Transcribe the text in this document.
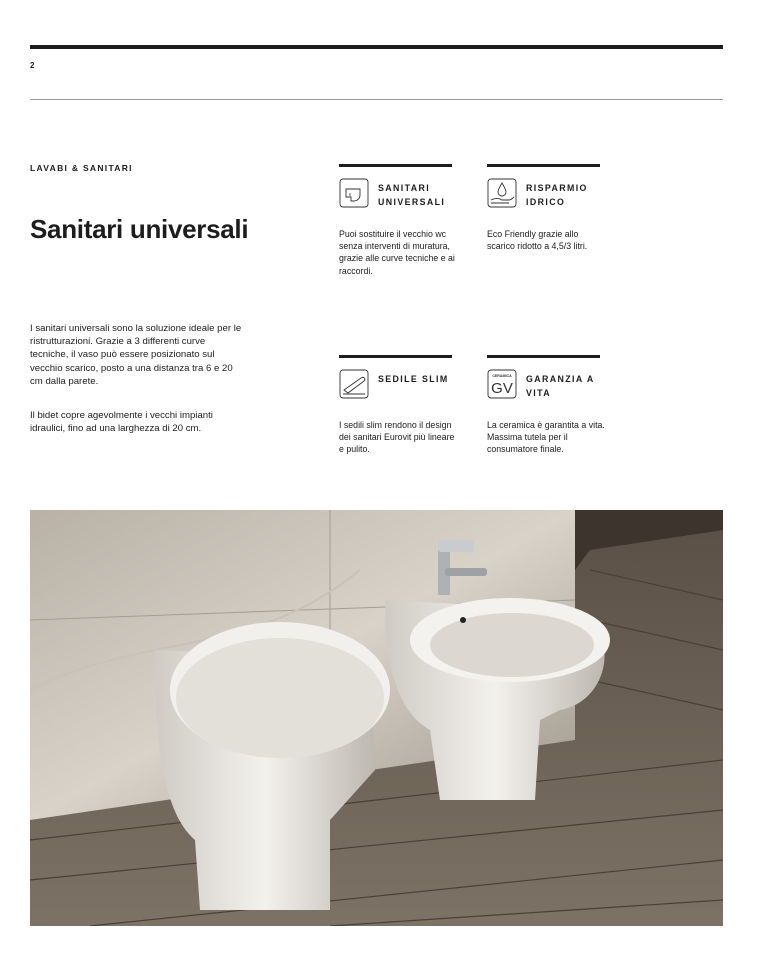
2
LAVABI & SANITARI
Sanitari universali
I sanitari universali sono la soluzione ideale per le ristrutturazioni. Grazie a 3 differenti curve tecniche, il vaso può essere posizionato sul vecchio scarico, posto a una distanza tra 6 e 20 cm dalla parete.
Il bidet copre agevolmente i vecchi impianti idraulici, fino ad una larghezza di 20 cm.
SANITARI UNIVERSALI
Puoi sostituire il vecchio wc senza interventi di muratura, grazie alle curve tecniche e ai raccordi.
RISPARMIO IDRICO
Eco Friendly grazie allo scarico ridotto a 4,5/3 litri.
SEDILE SLIM
I sedili slim rendono il design dei sanitari Eurovit più lineare e pulito.
CERAMICA
GV
GARANZIA A VITA
La ceramica è garantita a vita. Massima tutela per il consumatore finale.
